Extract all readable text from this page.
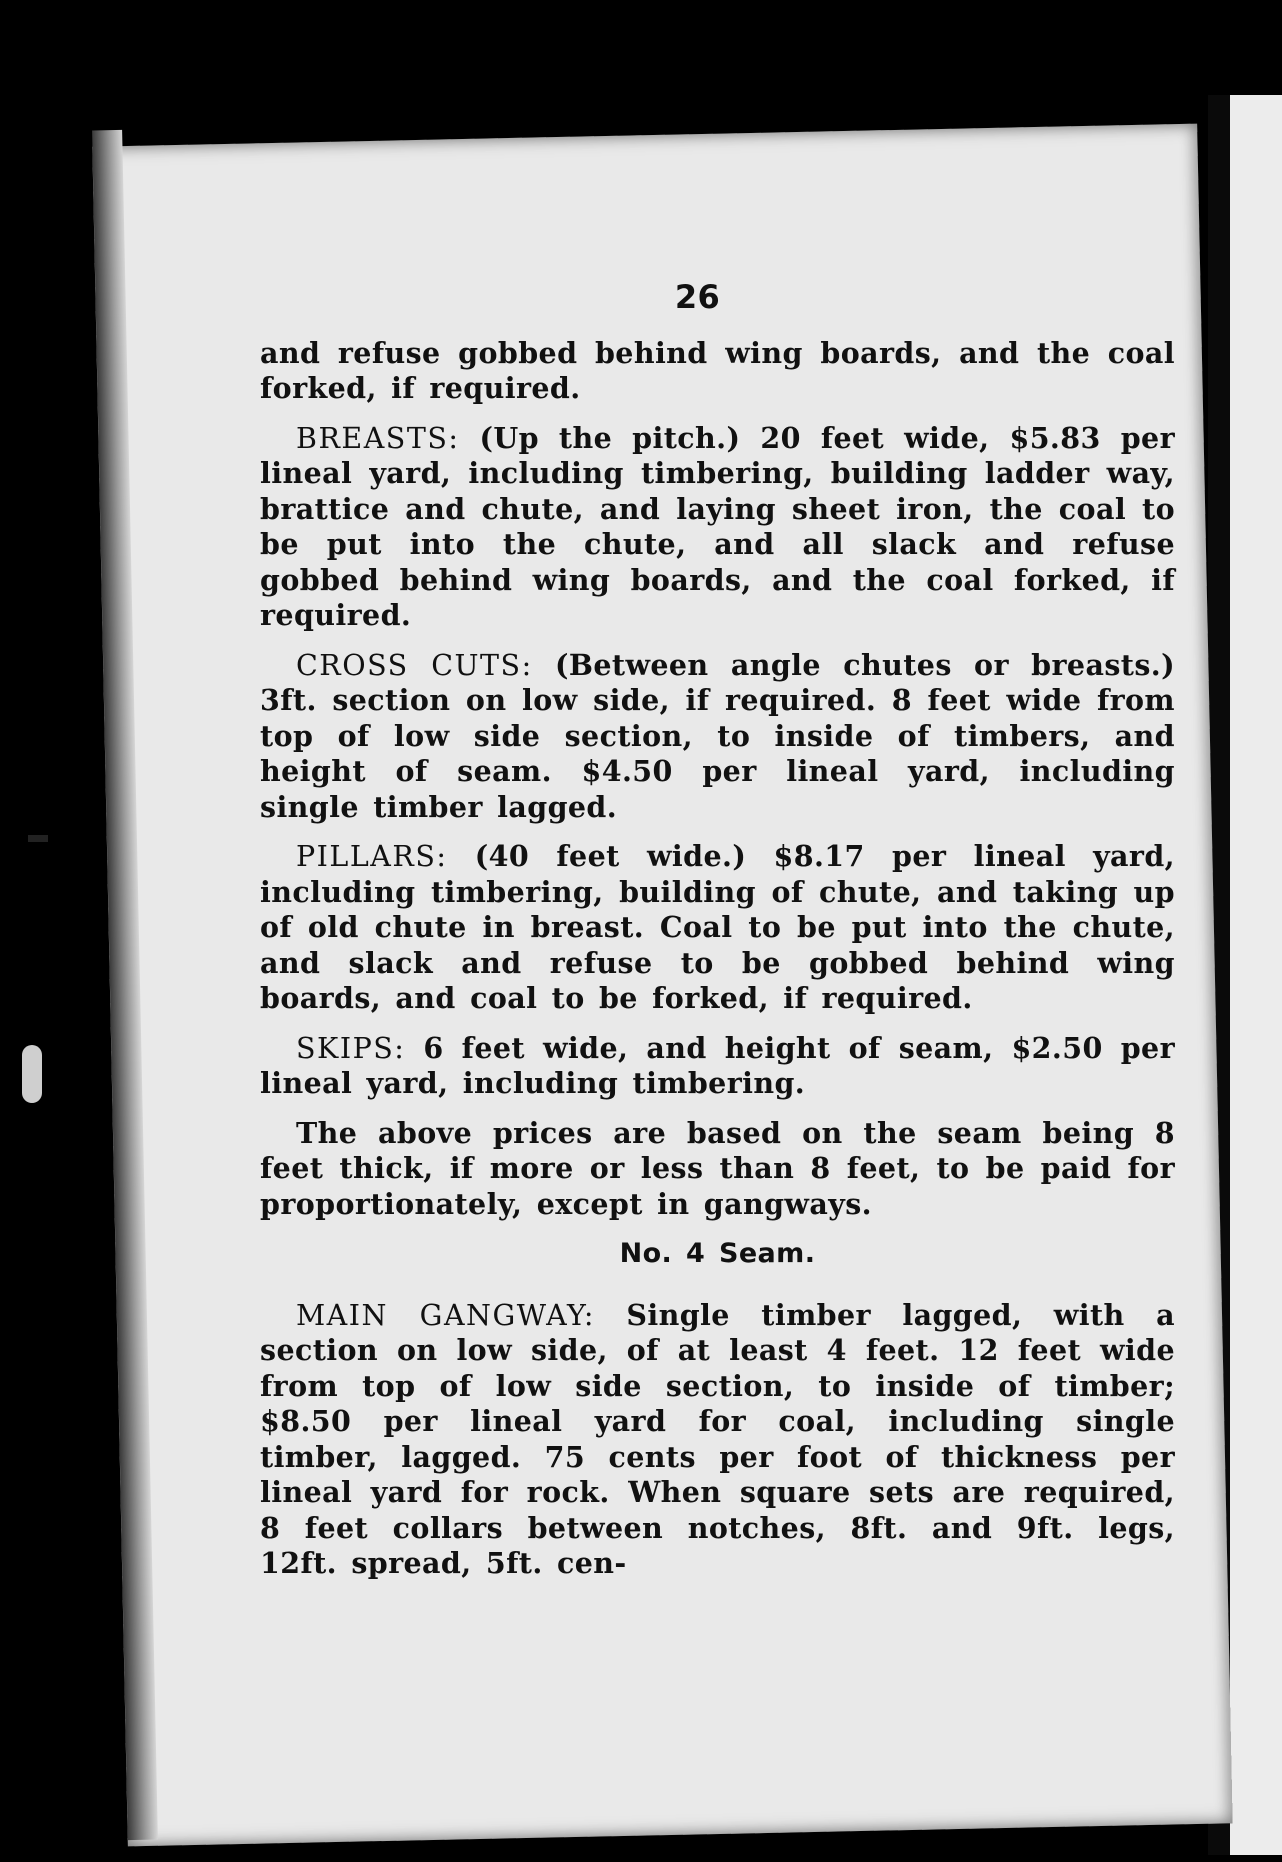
26

and refuse gobbed behind wing boards, and the coal forked, if required.

BREASTS: (Up the pitch.) 20 feet wide, $5.83 per lineal yard, including timbering, building ladder way, brattice and chute, and laying sheet iron, the coal to be put into the chute, and all slack and refuse gobbed behind wing boards, and the coal forked, if required.

CROSS CUTS: (Between angle chutes or breasts.) 3ft. section on low side, if required. 8 feet wide from top of low side section, to inside of timbers, and height of seam. $4.50 per lineal yard, including single timber lagged.

PILLARS: (40 feet wide.) $8.17 per lineal yard, including timbering, building of chute, and taking up of old chute in breast. Coal to be put into the chute, and slack and refuse to be gobbed behind wing boards, and coal to be forked, if required.

SKIPS: 6 feet wide, and height of seam, $2.50 per lineal yard, including timbering.

The above prices are based on the seam being 8 feet thick, if more or less than 8 feet, to be paid for proportionately, except in gangways.

No. 4 Seam.

MAIN GANGWAY: Single timber lagged, with a section on low side, of at least 4 feet. 12 feet wide from top of low side section, to inside of timber; $8.50 per lineal yard for coal, including single timber, lagged. 75 cents per foot of thickness per lineal yard for rock. When square sets are required, 8 feet collars between notches, 8ft. and 9ft. legs, 12ft. spread, 5ft. cen-
